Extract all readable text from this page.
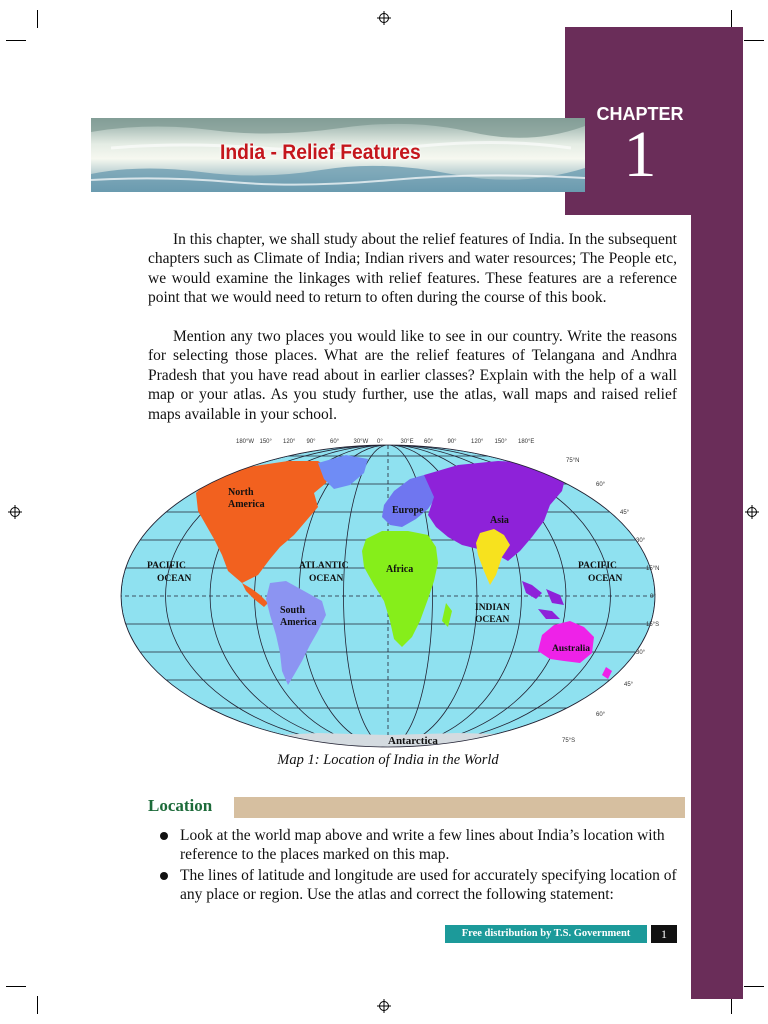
CHAPTER
1
India - Relief Features
In this chapter, we shall study about the relief features of India. In the subsequent chapters such as Climate of India; Indian rivers and water resources; The People etc, we would examine the linkages with relief features. These features are a reference point that we would need to return to often during the course of this book.
Mention any two places you would like to see in our country. Write the reasons for selecting those places. What are the relief features of Telangana and Andhra Pradesh that you have read about in earlier classes? Explain with the help of a wall map or your atlas. As you study further, use the atlas, wall maps and raised relief maps available in your school.
180°W 150° 120° 90° 60° 30°W 0°	30°E 60° 90° 120° 150° 180°E
75°N
60°
45°
30°
15°N
0°
15°S
30°
45°
60°
75°S
North
America
Europe
Asia
Africa
South
America
PACIFIC
OCEAN
ATLANTIC
OCEAN
INDIAN
OCEAN
PACIFIC
OCEAN
Australia
Antarctica
Map 1: Location of India in the World
Location
Look at the world map above and write a few lines about India’s location with reference to the places marked on this map.
The lines of latitude and longitude are used for accurately specifying location of any place or region. Use the atlas and correct the following statement:
Free distribution by T.S. Government	1
